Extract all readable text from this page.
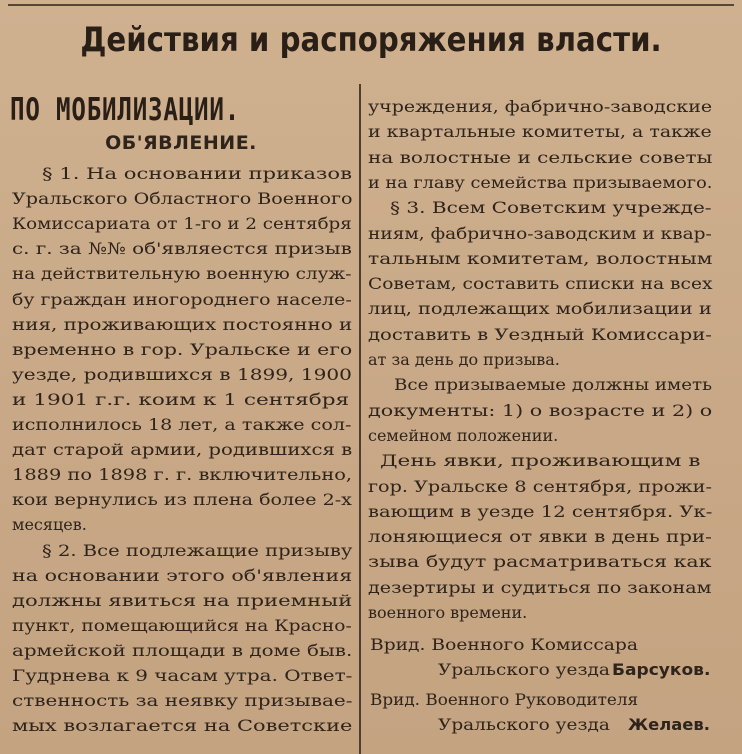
Действия и распоряжения власти.
ПО МОБИЛИЗАЦИИ.
ОБ'ЯВЛЕНИЕ.
§ 1. На основании приказов
Уральского Областного Военного
Комиссариата от 1-го и 2 сентября
с. г. за №№ об'являестся призыв
на действительную военную служ-
бу граждан иногороднего населе-
ния, проживающих постоянно и
временно в гор. Уральске и его
уезде, родившихся в 1899, 1900
и 1901 г.г. коим к 1 сентября
исполнилось 18 лет, а также сол-
дат старой армии, родившихся в
1889 по 1898 г. г. включительно,
кои вернулись из плена более 2-х
месяцев.
§ 2. Все подлежащие призыву
на основании этого об'явления
должны явиться на приемный
пункт, помещающийся на Красно-
армейской площади в доме быв.
Гудрнева к 9 часам утра. Ответ-
ственность за неявку призывае-
мых возлагается на Советские
учреждения, фабрично-заводские
и квартальные комитеты, а также
на волостные и сельские советы
и на главу семейства призываемого.
§ 3. Всем Советским учрежде-
ниям, фабрично-заводским и квар-
тальным комитетам, волостным
Советам, составить списки на всех
лиц, подлежащих мобилизации и
доставить в Уездный Комиссари-
ат за день до призыва.
Все призываемые должны иметь
документы: 1) о возрасте и 2) о
семейном положении.
День явки, проживающим в
гор. Уральске 8 сентября, прожи-
вающим в уезде 12 сентября. Ук-
лоняющиеся от явки в день при-
зыва будут расматриваться как
дезертиры и судиться по законам
военного времени.
Врид. Военного Комиссара
Уральского уезда Барсуков.
Врид. Военного Руководителя
Уральского уезда Желаев.
